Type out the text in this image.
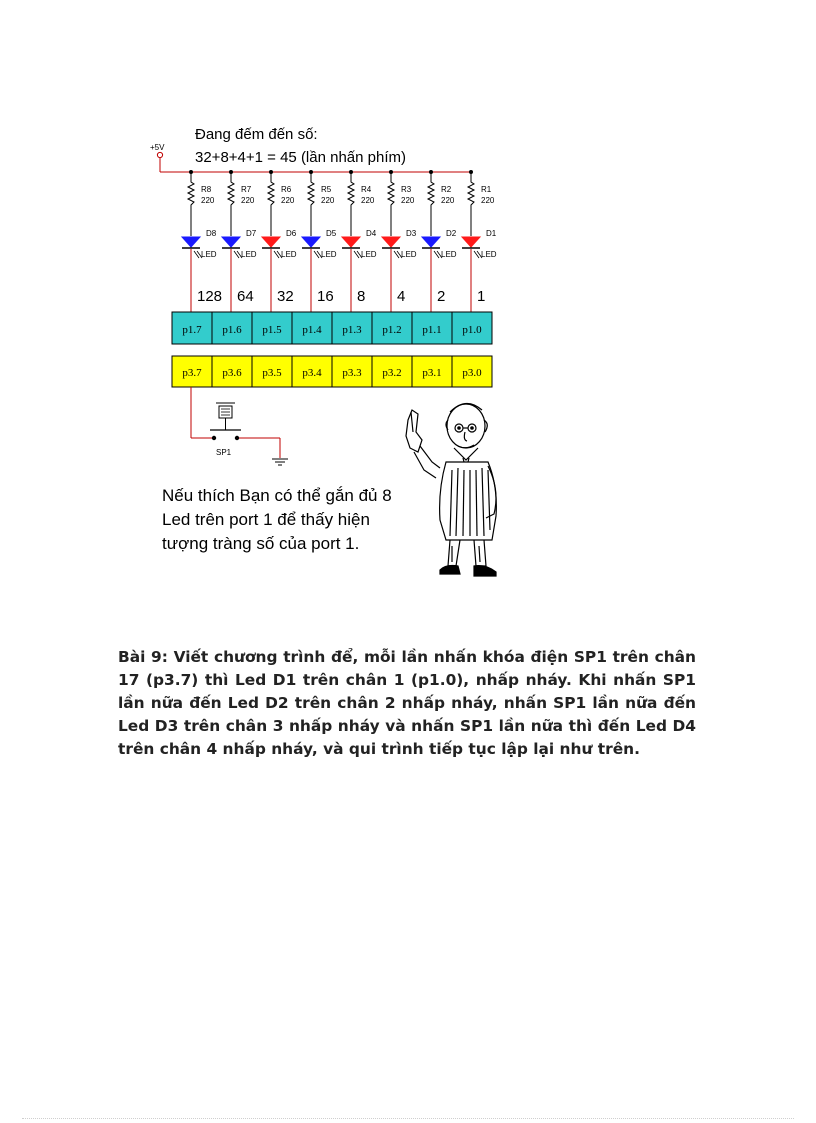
Đang đếm đến số:
32+8+4+1 = 45 (lần nhấn phím)
+5V
R8
220
D8
LED
128
R7
220
D7
LED
64
R6
220
D6
LED
32
R5
220
D5
LED
16
R4
220
D4
LED
8
R3
220
D3
LED
4
R2
220
D2
LED
2
R1
220
D1
LED
1
p1.7 p1.6 p1.5 p1.4 p1.3 p1.2 p1.1 p1.0
p3.7 p3.6 p3.5 p3.4 p3.3 p3.2 p3.1 p3.0
SP1
Nếu thích Bạn có thể gắn đủ 8
Led trên port 1 để thấy hiện
tượng tràng số của port 1.
Bài 9: Viết chương trình để, mỗi lần nhấn khóa điện SP1 trên chân 17 (p3.7) thì Led D1 trên chân 1 (p1.0), nhấp nháy. Khi nhấn SP1 lần nữa đến Led D2 trên chân 2 nhấp nháy, nhấn SP1 lần nữa đến Led D3 trên chân 3 nhấp nháy và nhấn SP1 lần nữa thì đến Led D4 trên chân 4 nhấp nháy, và qui trình tiếp tục lập lại như trên.
